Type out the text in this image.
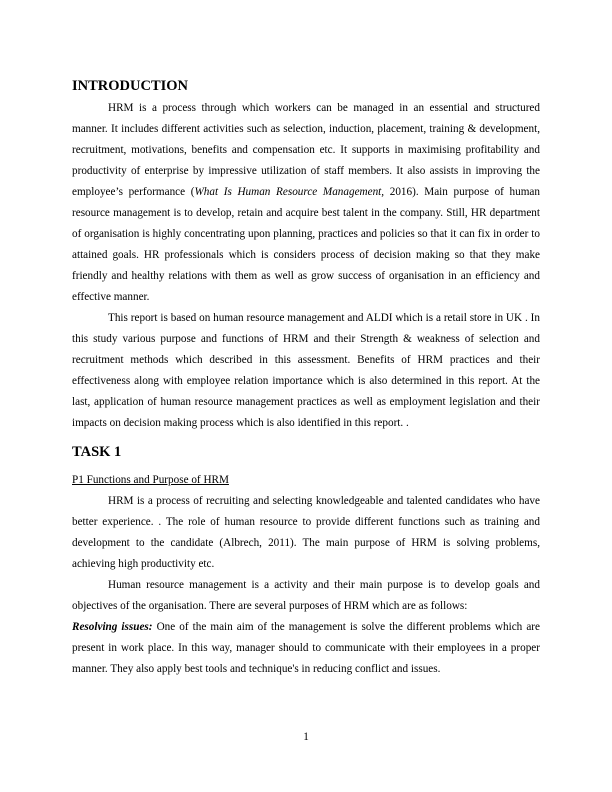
INTRODUCTION

HRM is a process through which workers can be managed in an essential and structured manner. It includes different activities such as selection, induction, placement, training & development, recruitment, motivations, benefits and compensation etc. It supports in maximising profitability and productivity of enterprise by impressive utilization of staff members. It also assists in improving the employee’s performance (What Is Human Resource Management, 2016). Main purpose of human resource management is to develop, retain and acquire best talent in the company. Still, HR department of organisation is highly concentrating upon planning, practices and policies so that it can fix in order to attained goals. HR professionals which is considers process of decision making so that they make friendly and healthy relations with them as well as grow success of organisation in an efficiency and effective manner.

This report is based on human resource management and ALDI which is a retail store in UK . In this study various purpose and functions of HRM and their Strength & weakness of selection and recruitment methods which described in this assessment. Benefits of HRM practices and their effectiveness along with employee relation importance which is also determined in this report. At the last, application of human resource management practices as well as employment legislation and their impacts on decision making process which is also identified in this report. .

TASK 1
P1 Functions and Purpose of HRM

HRM is a process of recruiting and selecting knowledgeable and talented candidates who have better experience. . The role of human resource to provide different functions such as training and development to the candidate (Albrech, 2011). The main purpose of HRM is solving problems, achieving high productivity etc.

Human resource management is a activity and their main purpose is to develop goals and objectives of the organisation. There are several purposes of HRM which are as follows:

Resolving issues: One of the main aim of the management is solve the different problems which are present in work place. In this way, manager should to communicate with their employees in a proper manner. They also apply best tools and technique's in reducing conflict and issues.

1
